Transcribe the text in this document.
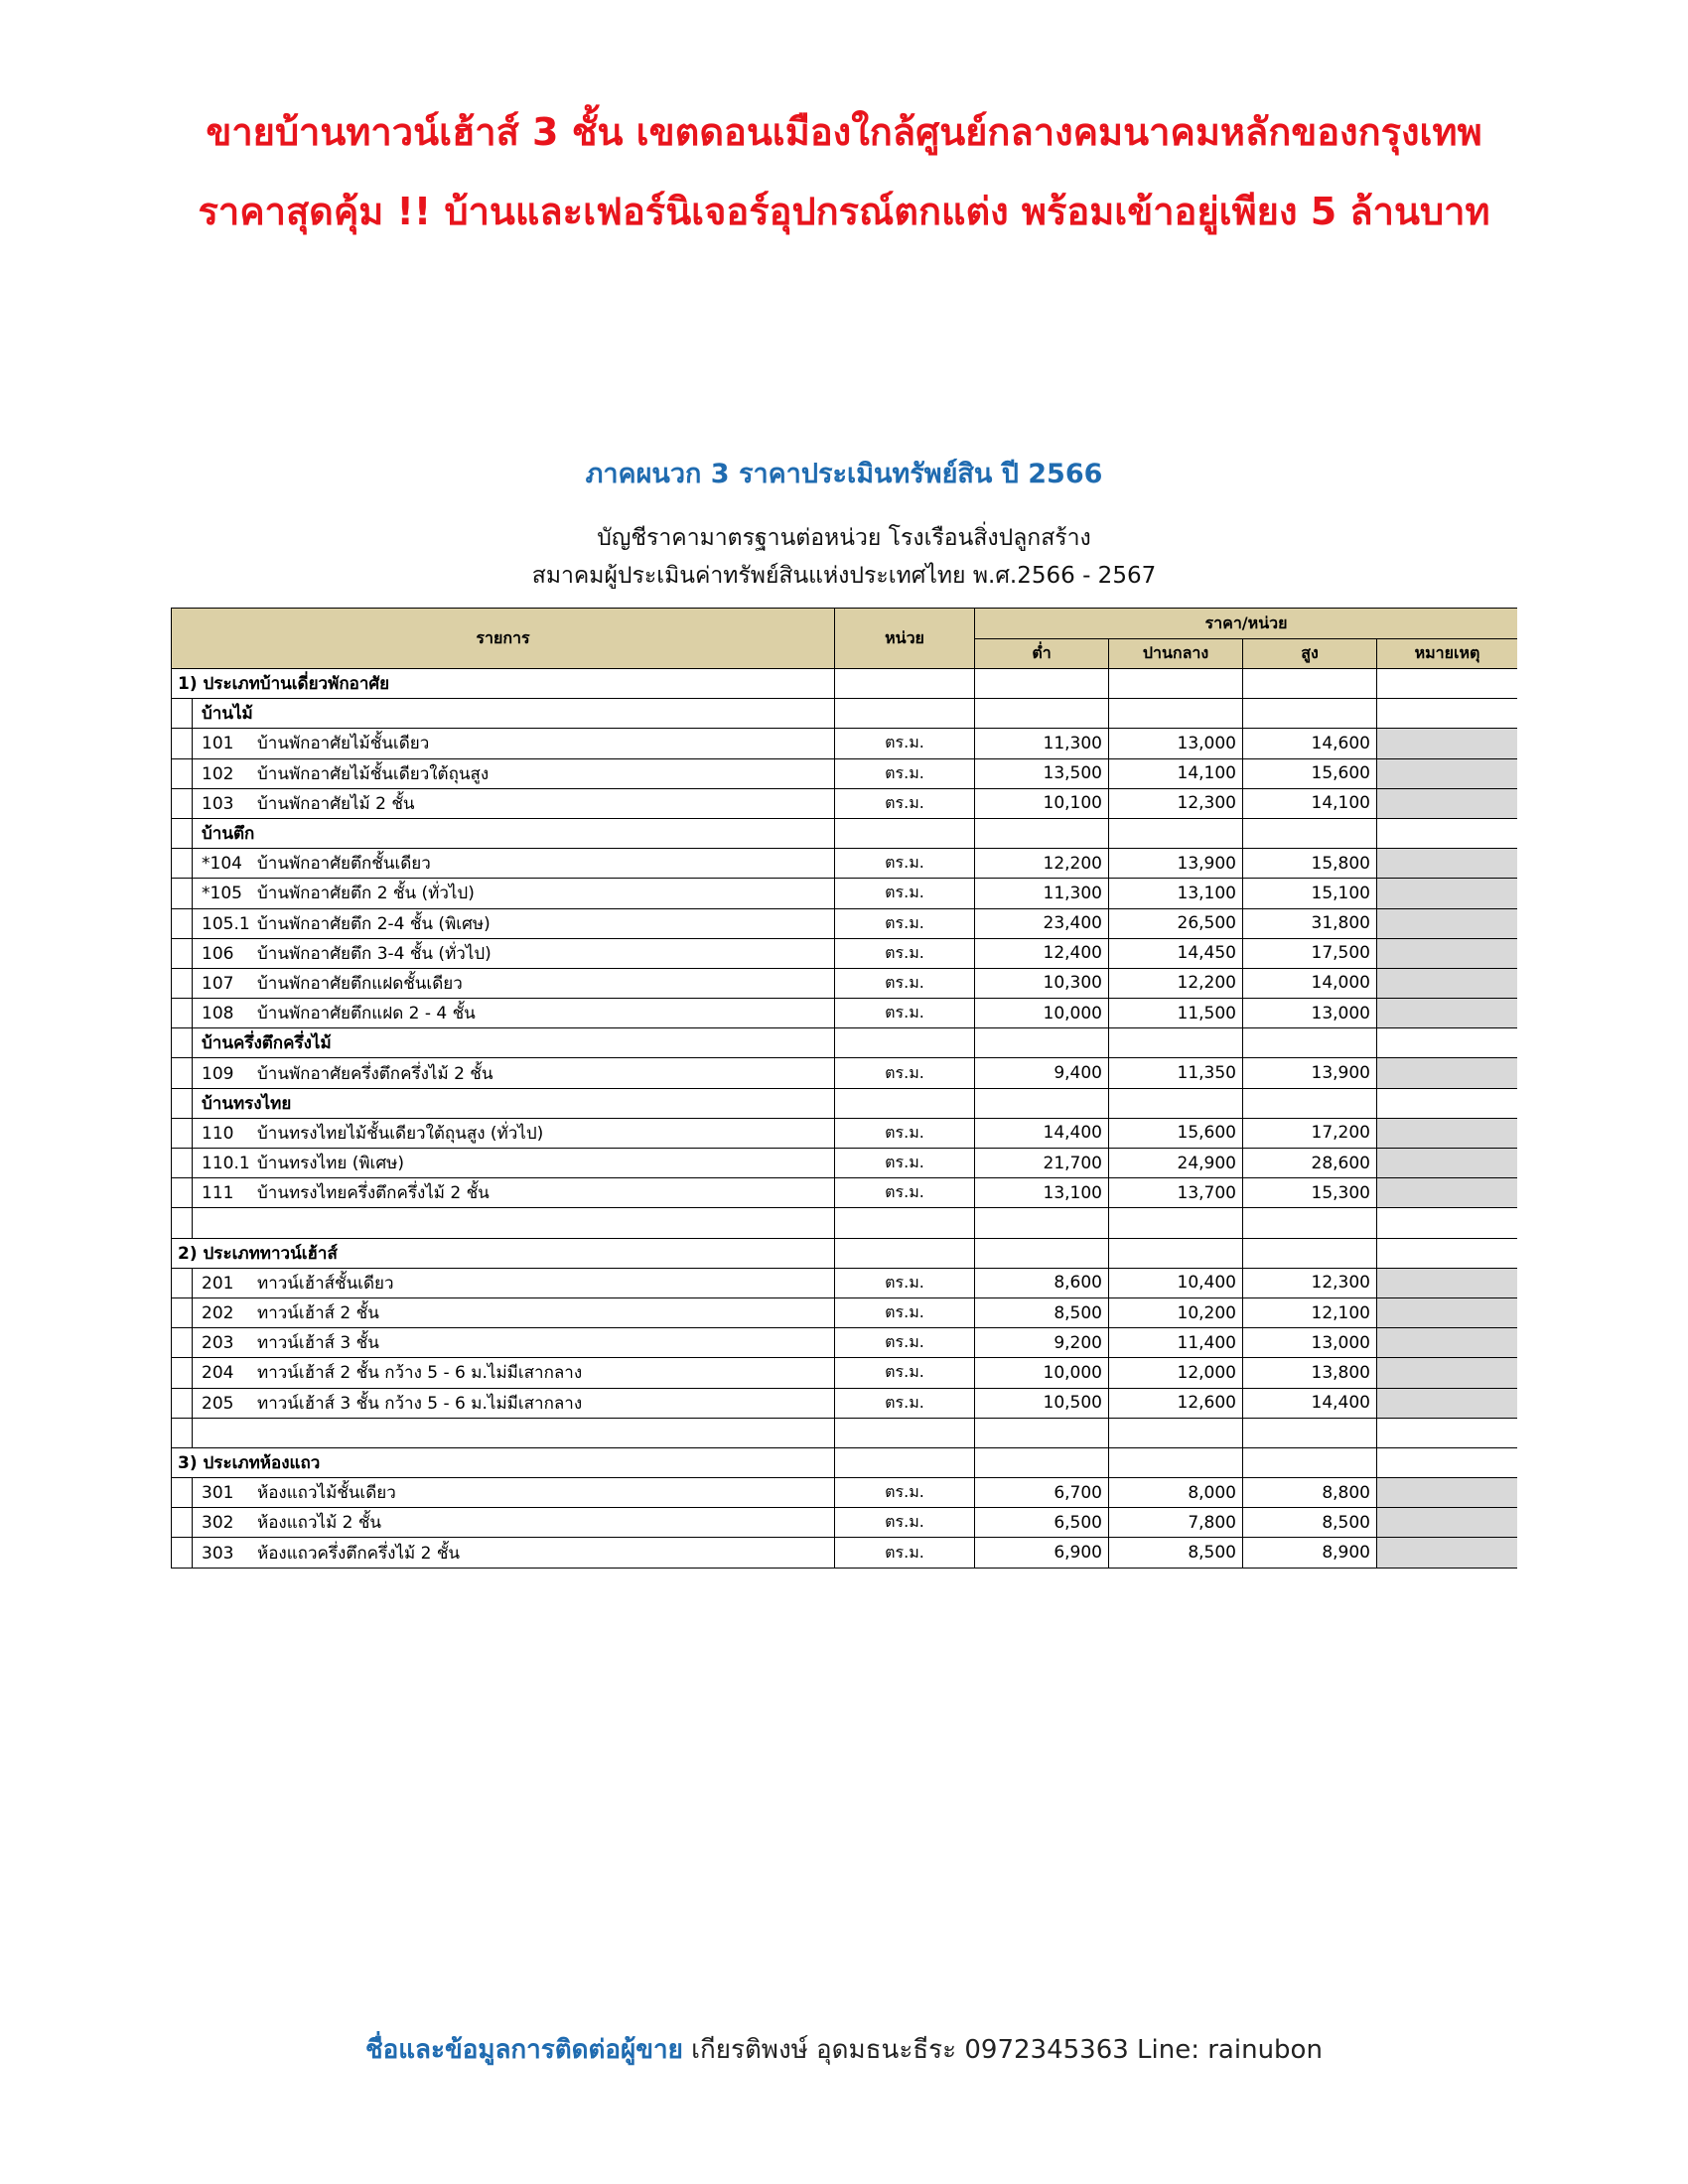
ขายบ้านทาวน์เฮ้าส์ 3 ชั้น เขตดอนเมืองใกล้ศูนย์กลางคมนาคมหลักของกรุงเทพ
ราคาสุดคุ้ม !! บ้านและเฟอร์นิเจอร์อุปกรณ์ตกแต่ง พร้อมเข้าอยู่เพียง 5 ล้านบาท
ภาคผนวก 3 ราคาประเมินทรัพย์สิน ปี 2566
บัญชีราคามาตรฐานต่อหน่วย โรงเรือนสิ่งปลูกสร้าง
สมาคมผู้ประเมินค่าทรัพย์สินแห่งประเทศไทย พ.ศ.2566 - 2567
รายการ	หน่วย	ราคา/หน่วย			
		ต่ำ	ปานกลาง	สูง	หมายเหตุ
1) ประเภทบ้านเดี่ยวพักอาศัย					
บ้านไม้					
101 บ้านพักอาศัยไม้ชั้นเดียว	ตร.ม.	11,300	13,000	14,600	
102 บ้านพักอาศัยไม้ชั้นเดียวใต้ถุนสูง	ตร.ม.	13,500	14,100	15,600	
103 บ้านพักอาศัยไม้ 2 ชั้น	ตร.ม.	10,100	12,300	14,100	
บ้านตึก					
*104 บ้านพักอาศัยตึกชั้นเดียว	ตร.ม.	12,200	13,900	15,800	
*105 บ้านพักอาศัยตึก 2 ชั้น (ทั่วไป)	ตร.ม.	11,300	13,100	15,100	
105.1 บ้านพักอาศัยตึก 2-4 ชั้น (พิเศษ)	ตร.ม.	23,400	26,500	31,800	
106 บ้านพักอาศัยตึก 3-4 ชั้น (ทั่วไป)	ตร.ม.	12,400	14,450	17,500	
107 บ้านพักอาศัยตึกแฝดชั้นเดียว	ตร.ม.	10,300	12,200	14,000	
108 บ้านพักอาศัยตึกแฝด 2 - 4 ชั้น	ตร.ม.	10,000	11,500	13,000	
บ้านครึ่งตึกครึ่งไม้					
109 บ้านพักอาศัยครึ่งตึกครึ่งไม้ 2 ชั้น	ตร.ม.	9,400	11,350	13,900	
บ้านทรงไทย					
110 บ้านทรงไทยไม้ชั้นเดียวใต้ถุนสูง (ทั่วไป)	ตร.ม.	14,400	15,600	17,200	
110.1 บ้านทรงไทย (พิเศษ)	ตร.ม.	21,700	24,900	28,600	
111 บ้านทรงไทยครึ่งตึกครึ่งไม้ 2 ชั้น	ตร.ม.	13,100	13,700	15,300	

2) ประเภททาวน์เฮ้าส์					
201 ทาวน์เฮ้าส์ชั้นเดียว	ตร.ม.	8,600	10,400	12,300	
202 ทาวน์เฮ้าส์ 2 ชั้น	ตร.ม.	8,500	10,200	12,100	
203 ทาวน์เฮ้าส์ 3 ชั้น	ตร.ม.	9,200	11,400	13,000	
204 ทาวน์เฮ้าส์ 2 ชั้น กว้าง 5 - 6 ม.ไม่มีเสากลาง	ตร.ม.	10,000	12,000	13,800	
205 ทาวน์เฮ้าส์ 3 ชั้น กว้าง 5 - 6 ม.ไม่มีเสากลาง	ตร.ม.	10,500	12,600	14,400	

3) ประเภทห้องแถว					
301 ห้องแถวไม้ชั้นเดียว	ตร.ม.	6,700	8,000	8,800	
302 ห้องแถวไม้ 2 ชั้น	ตร.ม.	6,500	7,800	8,500	
303 ห้องแถวครึ่งตึกครึ่งไม้ 2 ชั้น	ตร.ม.	6,900	8,500	8,900	
ชื่อและข้อมูลการติดต่อผู้ขาย เกียรติพงษ์ อุดมธนะธีระ 0972345363 Line: rainubon
